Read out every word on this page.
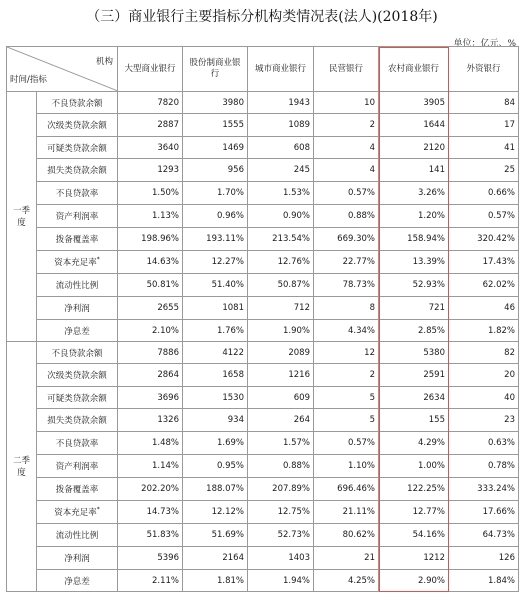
（三）商业银行主要指标分机构类情况表(法人)(2018年)
单位：亿元、%
机构
时间/指标		大型商业银行	股份制商业银行	城市商业银行	民营银行	农村商业银行	外资银行
一季度	不良贷款余额	7820	3980	1943	10	3905	84
	次级类贷款余额	2887	1555	1089	2	1644	17
	可疑类贷款余额	3640	1469	608	4	2120	41
	损失类贷款余额	1293	956	245	4	141	25
	不良贷款率	1.50%	1.70%	1.53%	0.57%	3.26%	0.66%
	资产利润率	1.13%	0.96%	0.90%	0.88%	1.20%	0.57%
	拨备覆盖率	198.96%	193.11%	213.54%	669.30%	158.94%	320.42%
	资本充足率*	14.63%	12.27%	12.76%	22.77%	13.39%	17.43%
	流动性比例	50.81%	51.40%	50.87%	78.73%	52.93%	62.02%
	净利润	2655	1081	712	8	721	46
	净息差	2.10%	1.76%	1.90%	4.34%	2.85%	1.82%
二季度	不良贷款余额	7886	4122	2089	12	5380	82
	次级类贷款余额	2864	1658	1216	2	2591	20
	可疑类贷款余额	3696	1530	609	5	2634	40
	损失类贷款余额	1326	934	264	5	155	23
	不良贷款率	1.48%	1.69%	1.57%	0.57%	4.29%	0.63%
	资产利润率	1.14%	0.95%	0.88%	1.10%	1.00%	0.78%
	拨备覆盖率	202.20%	188.07%	207.89%	696.46%	122.25%	333.24%
	资本充足率*	14.73%	12.12%	12.75%	21.11%	12.77%	17.66%
	流动性比例	51.83%	51.69%	52.73%	80.62%	54.16%	64.73%
	净利润	5396	2164	1403	21	1212	126
	净息差	2.11%	1.81%	1.94%	4.25%	2.90%	1.84%
